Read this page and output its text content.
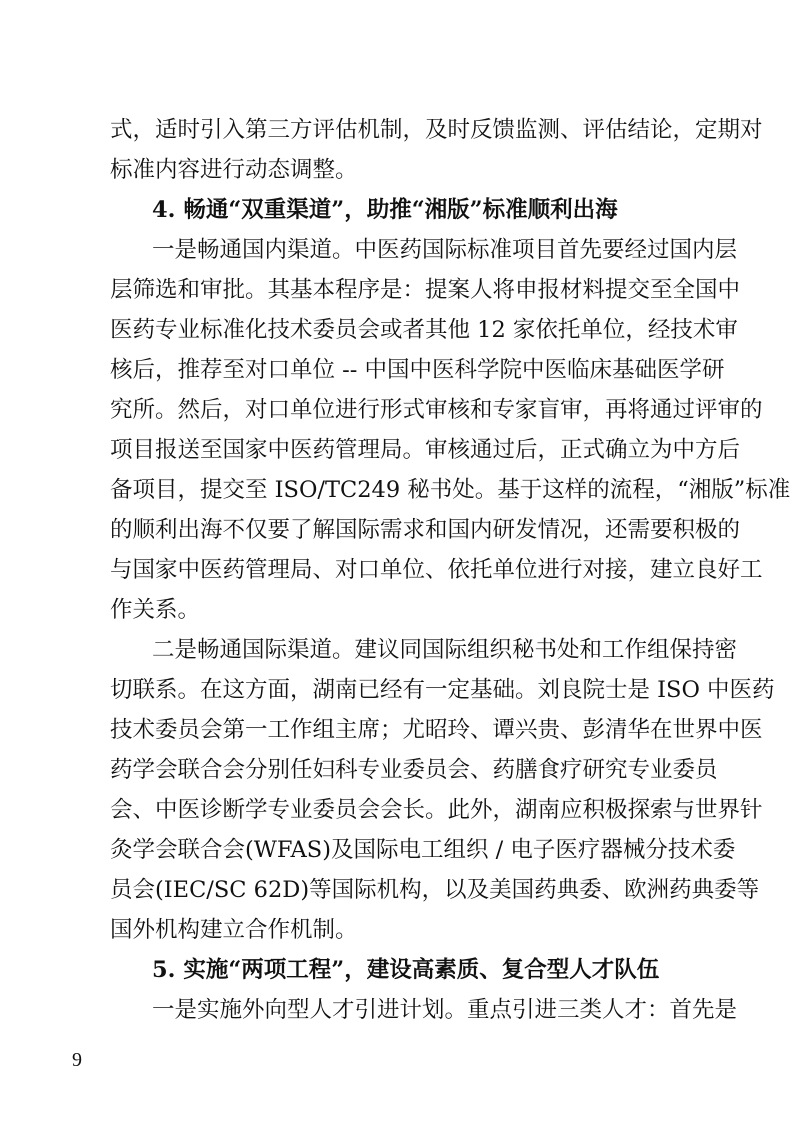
式，适时引入第三方评估机制，及时反馈监测、评估结论，定期对
标准内容进行动态调整。
4. 畅通“双重渠道”，助推“湘版”标准顺利出海
一是畅通国内渠道。中医药国际标准项目首先要经过国内层
层筛选和审批。其基本程序是：提案人将申报材料提交至全国中
医药专业标准化技术委员会或者其他 12 家依托单位，经技术审
核后，推荐至对口单位 -- 中国中医科学院中医临床基础医学研
究所。然后，对口单位进行形式审核和专家盲审，再将通过评审的
项目报送至国家中医药管理局。审核通过后，正式确立为中方后
备项目，提交至 ISO/TC249 秘书处。基于这样的流程，“湘版”标准
的顺利出海不仅要了解国际需求和国内研发情况，还需要积极的
与国家中医药管理局、对口单位、依托单位进行对接，建立良好工
作关系。
二是畅通国际渠道。建议同国际组织秘书处和工作组保持密
切联系。在这方面，湖南已经有一定基础。刘良院士是 ISO 中医药
技术委员会第一工作组主席；尤昭玲、谭兴贵、彭清华在世界中医
药学会联合会分别任妇科专业委员会、药膳食疗研究专业委员
会、中医诊断学专业委员会会长。此外，湖南应积极探索与世界针
灸学会联合会(WFAS)及国际电工组织 / 电子医疗器械分技术委
员会(IEC/SC 62D)等国际机构，以及美国药典委、欧洲药典委等
国外机构建立合作机制。
5. 实施“两项工程”，建设高素质、复合型人才队伍
一是实施外向型人才引进计划。重点引进三类人才：首先是
9
